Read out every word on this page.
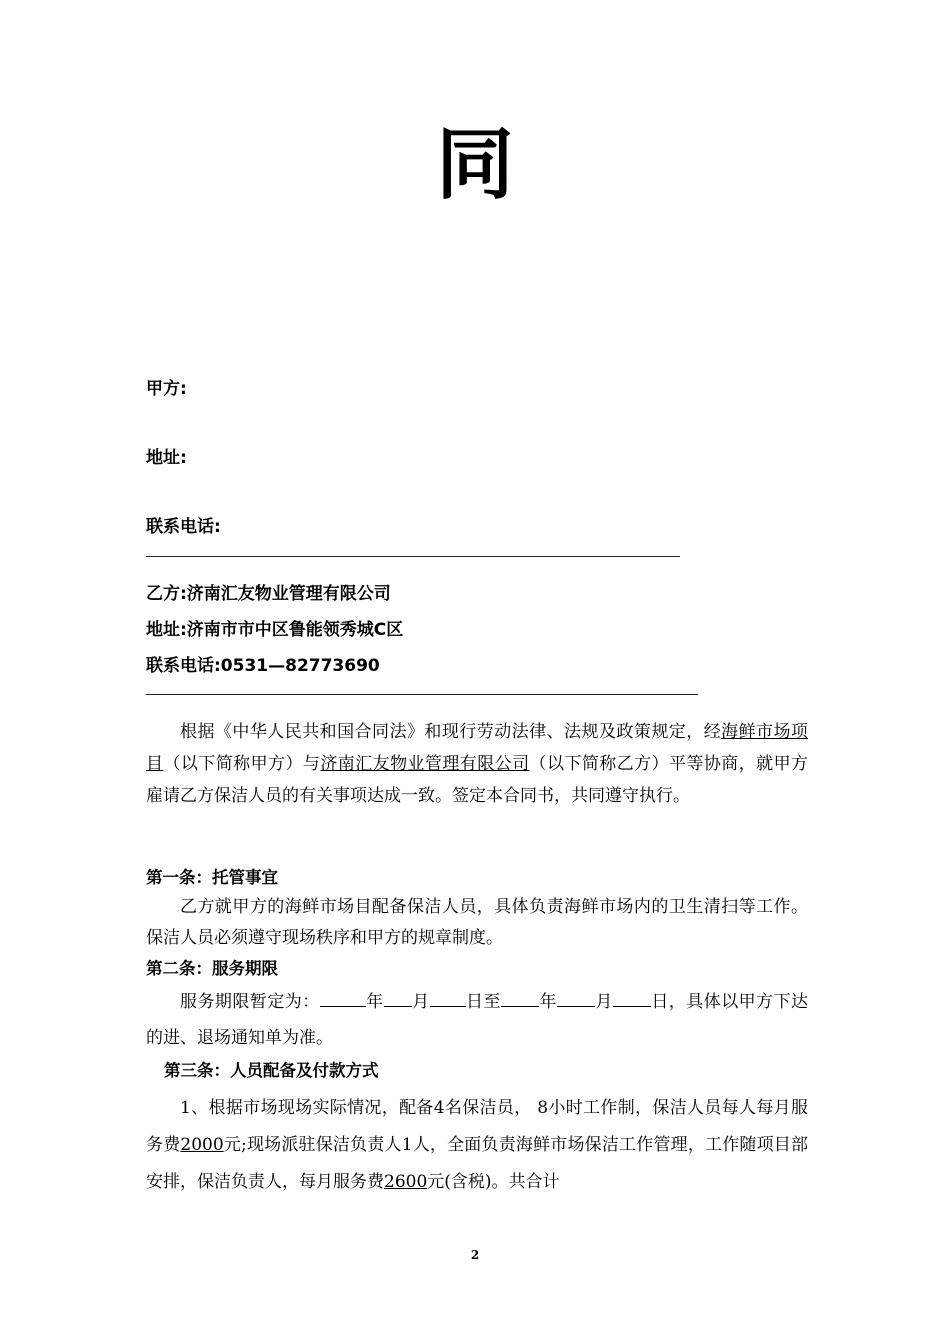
同
甲方:
地址:
联系电话:
乙方:济南汇友物业管理有限公司
地址:济南市市中区鲁能领秀城C区
联系电话:0531—82773690
根据《中华人民共和国合同法》和现行劳动法律、法规及政策规定，经海鲜市场项目（以下简称甲方）与济南汇友物业管理有限公司（以下简称乙方）平等协商，就甲方雇请乙方保洁人员的有关事项达成一致。签定本合同书，共同遵守执行。
第一条：托管事宜
乙方就甲方的海鲜市场目配备保洁人员，具体负责海鲜市场内的卫生清扫等工作。保洁人员必须遵守现场秩序和甲方的规章制度。
第二条：服务期限
服务期限暂定为：	年 月 日至 年 月 日，具体以甲方下达的进、退场通知单为准。
第三条：人员配备及付款方式
1、根据市场现场实际情况，配备4名保洁员， 8小时工作制，保洁人员每人每月服务费2000元;现场派驻保洁负责人1人，全面负责海鲜市场保洁工作管理，工作随项目部安排，保洁负责人，每月服务费2600元(含税)。共合计
2
